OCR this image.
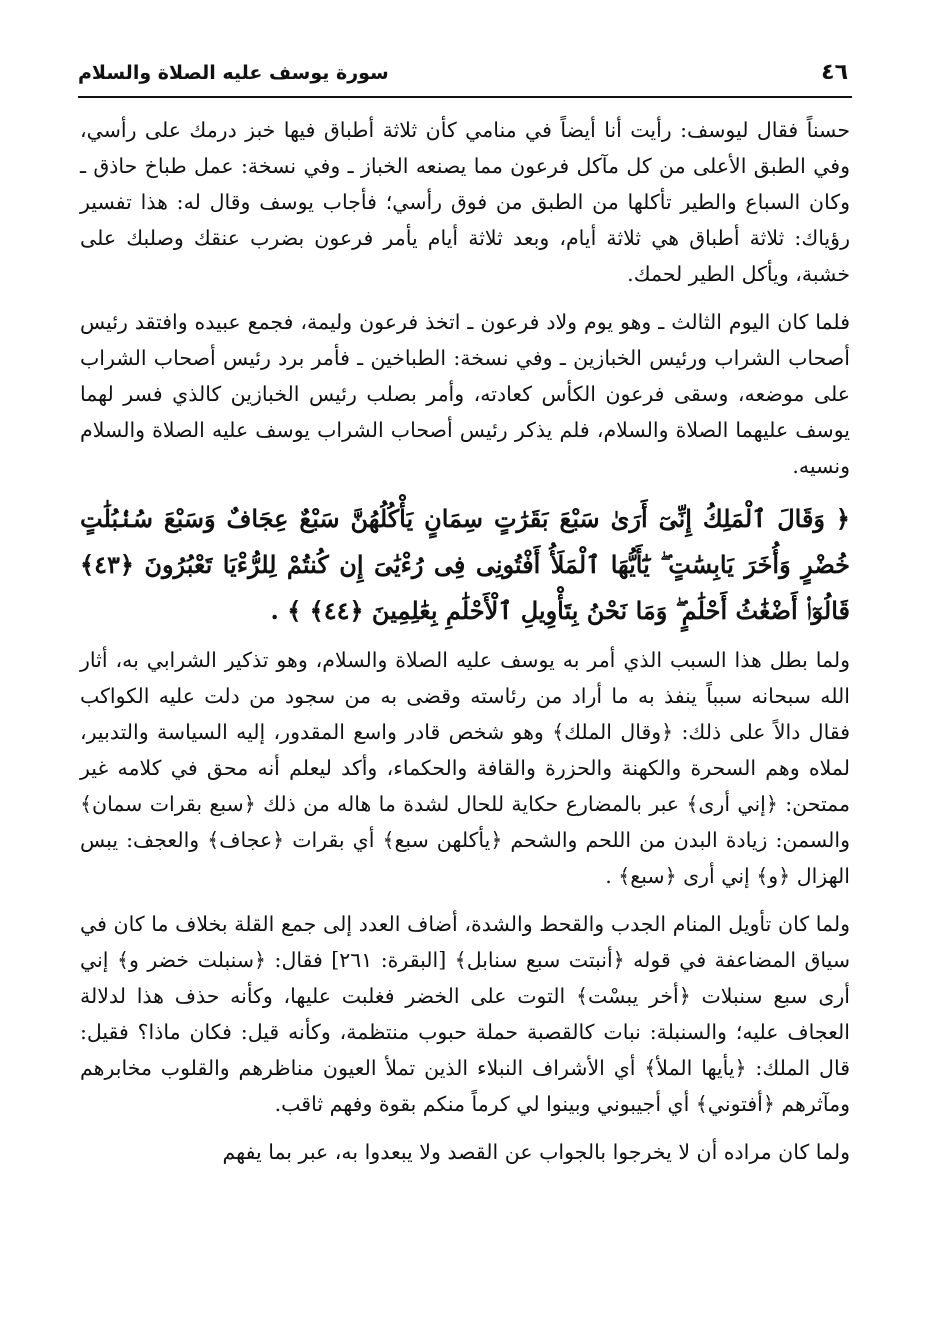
٤٦
سورة يوسف عليه الصلاة والسلام

حسناً فقال ليوسف: رأيت أنا أيضاً في منامي كأن ثلاثة أطباق فيها خبز درمك على رأسي، وفي الطبق الأعلى من كل مآكل فرعون مما يصنعه الخباز ـ وفي نسخة: عمل طباخ حاذق ـ وكان السباع والطير تأكلها من الطبق من فوق رأسي؛ فأجاب يوسف وقال له: هذا تفسير رؤياك: ثلاثة أطباق هي ثلاثة أيام، وبعد ثلاثة أيام يأمر فرعون بضرب عنقك وصلبك على خشبة، ويأكل الطير لحمك.

فلما كان اليوم الثالث ـ وهو يوم ولاد فرعون ـ اتخذ فرعون وليمة، فجمع عبيده وافتقد رئيس أصحاب الشراب ورئيس الخبازين ـ وفي نسخة: الطباخين ـ فأمر برد رئيس أصحاب الشراب على موضعه، وسقى فرعون الكأس كعادته، وأمر بصلب رئيس الخبازين كالذي فسر لهما يوسف عليهما الصلاة والسلام، فلم يذكر رئيس أصحاب الشراب يوسف عليه الصلاة والسلام ونسيه.

﴿ وَقَالَ ٱلْمَلِكُ إِنِّىٓ أَرَىٰ سَبْعَ بَقَرَٰتٍ سِمَانٍ يَأْكُلُهُنَّ سَبْعٌ عِجَافٌ وَسَبْعَ سُنۢبُلَٰتٍ خُضْرٍ وَأُخَرَ يَابِسَٰتٍ ۖ يَٰٓأَيُّهَا ٱلْمَلَأُ أَفْتُونِى فِى رُءْيَٰىَ إِن كُنتُمْ لِلرُّءْيَا تَعْبُرُونَ ﴿٤٣﴾ قَالُوٓا۟ أَضْغَٰثُ أَحْلَٰمٍ ۖ وَمَا نَحْنُ بِتَأْوِيلِ ٱلْأَحْلَٰمِ بِعَٰلِمِينَ ﴿٤٤﴾ ﴾ .

ولما بطل هذا السبب الذي أمر به يوسف عليه الصلاة والسلام، وهو تذكير الشرابي به، أثار الله سبحانه سبباً ينفذ به ما أراد من رئاسته وقضى به من سجود من دلت عليه الكواكب فقال دالاً على ذلك: ﴿وقال الملك﴾ وهو شخص قادر واسع المقدور، إليه السياسة والتدبير، لملاه وهم السحرة والكهنة والحزرة والقافة والحكماء، وأكد ليعلم أنه محق في كلامه غير ممتحن: ﴿إني أرى﴾ عبر بالمضارع حكاية للحال لشدة ما هاله من ذلك ﴿سبع بقرات سمان﴾ والسمن: زيادة البدن من اللحم والشحم ﴿يأكلهن سبع﴾ أي بقرات ﴿عجاف﴾ والعجف: يبس الهزال ﴿و﴾ إني أرى ﴿سبع﴾ .

ولما كان تأويل المنام الجدب والقحط والشدة، أضاف العدد إلى جمع القلة بخلاف ما كان في سياق المضاعفة في قوله ﴿أنبتت سبع سنابل﴾ [البقرة: ٢٦١] فقال: ﴿سنبلت خضر و﴾ إني أرى سبع سنبلات ﴿أخر يبسْت﴾ التوت على الخضر فغلبت عليها، وكأنه حذف هذا لدلالة العجاف عليه؛ والسنبلة: نبات كالقصبة حملة حبوب منتظمة، وكأنه قيل: فكان ماذا؟ فقيل: قال الملك: ﴿يأيها الملأ﴾ أي الأشراف النبلاء الذين تملأ العيون مناظرهم والقلوب مخابرهم ومآثرهم ﴿أفتوني﴾ أي أجيبوني وبينوا لي كرماً منكم بقوة وفهم ثاقب.

ولما كان مراده أن لا يخرجوا بالجواب عن القصد ولا يبعدوا به، عبر بما يفهم
